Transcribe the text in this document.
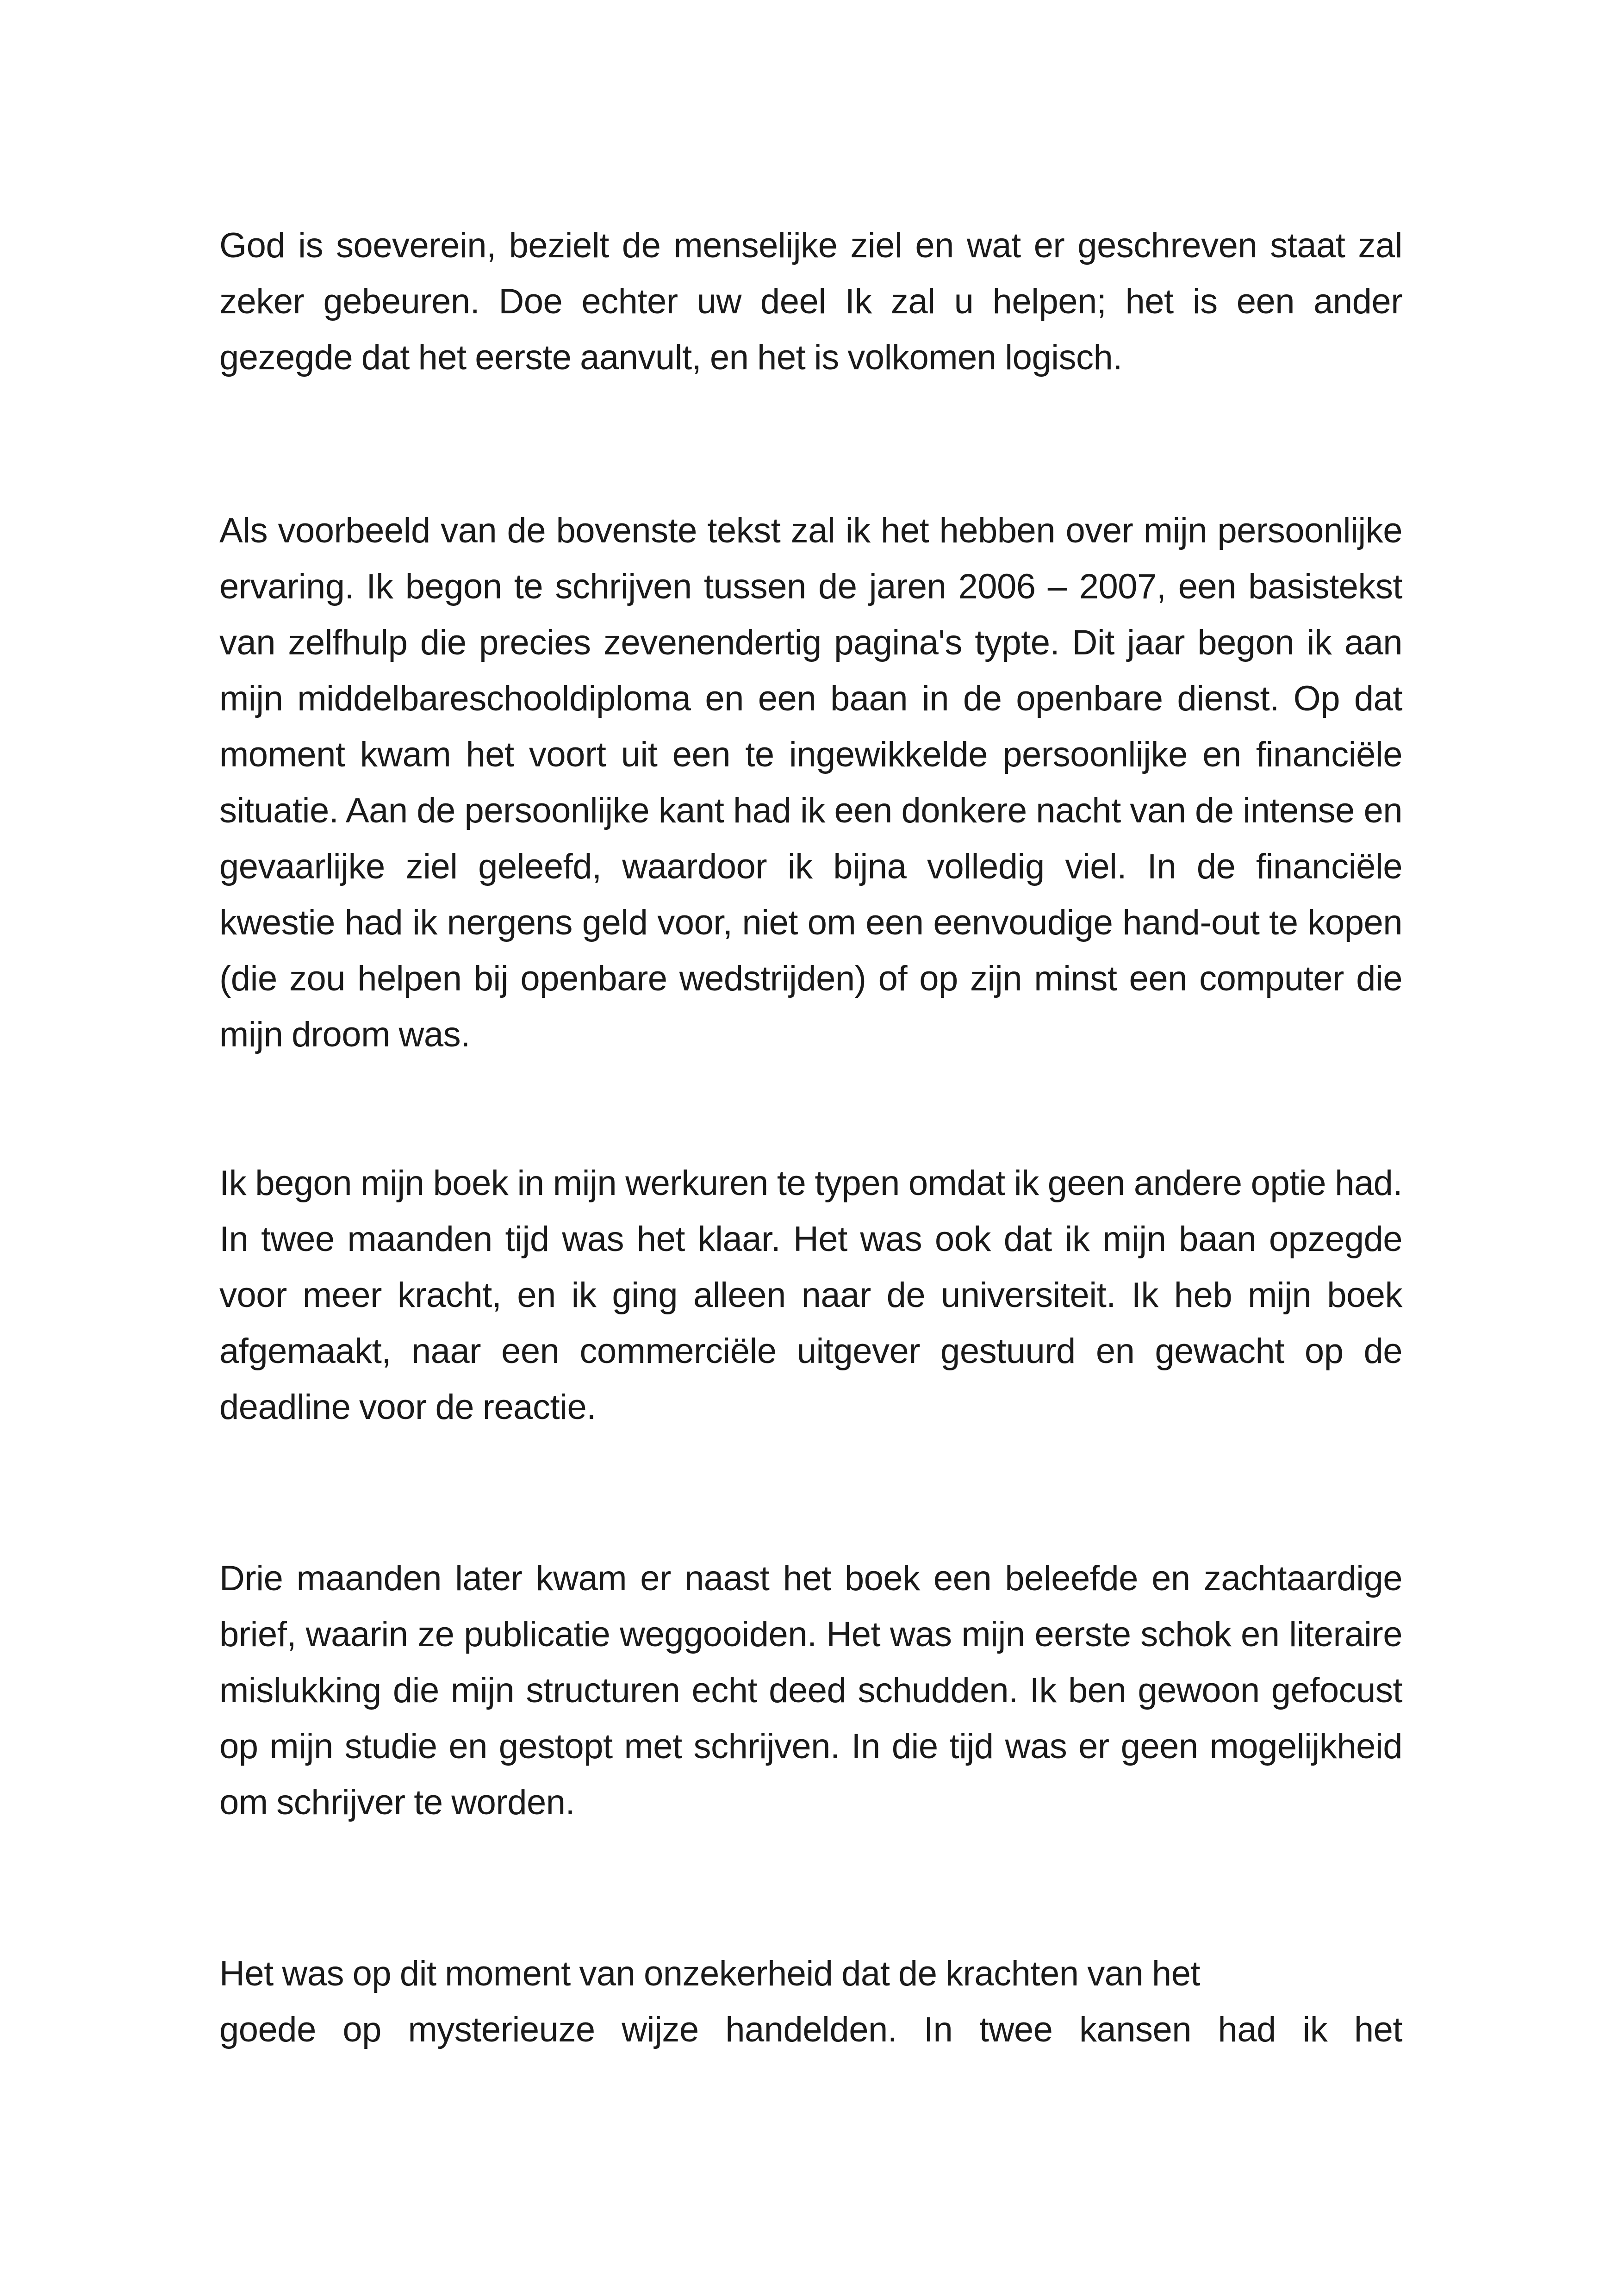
God is soeverein, bezielt de menselijke ziel en wat er geschreven staat zal zeker gebeuren. Doe echter uw deel Ik zal u helpen; het is een ander gezegde dat het eerste aanvult, en het is volkomen logisch.

Als voorbeeld van de bovenste tekst zal ik het hebben over mijn persoonlijke ervaring. Ik begon te schrijven tussen de jaren 2006 – 2007, een basistekst van zelfhulp die precies zevenendertig pagina's typte. Dit jaar begon ik aan mijn middelbareschooldiploma en een baan in de openbare dienst. Op dat moment kwam het voort uit een te ingewikkelde persoonlijke en financiële situatie. Aan de persoonlijke kant had ik een donkere nacht van de intense en gevaarlijke ziel geleefd, waardoor ik bijna volledig viel. In de financiële kwestie had ik nergens geld voor, niet om een eenvoudige hand-out te kopen (die zou helpen bij openbare wedstrijden) of op zijn minst een computer die mijn droom was.

Ik begon mijn boek in mijn werkuren te typen omdat ik geen andere optie had. In twee maanden tijd was het klaar. Het was ook dat ik mijn baan opzegde voor meer kracht, en ik ging alleen naar de universiteit. Ik heb mijn boek afgemaakt, naar een commerciële uitgever gestuurd en gewacht op de deadline voor de reactie.

Drie maanden later kwam er naast het boek een beleefde en zachtaardige brief, waarin ze publicatie weggooiden. Het was mijn eerste schok en literaire mislukking die mijn structuren echt deed schudden. Ik ben gewoon gefocust op mijn studie en gestopt met schrijven. In die tijd was er geen mogelijkheid om schrijver te worden.

Het was op dit moment van onzekerheid dat de krachten van het

goede op mysterieuze wijze handelden. In twee kansen had ik het
